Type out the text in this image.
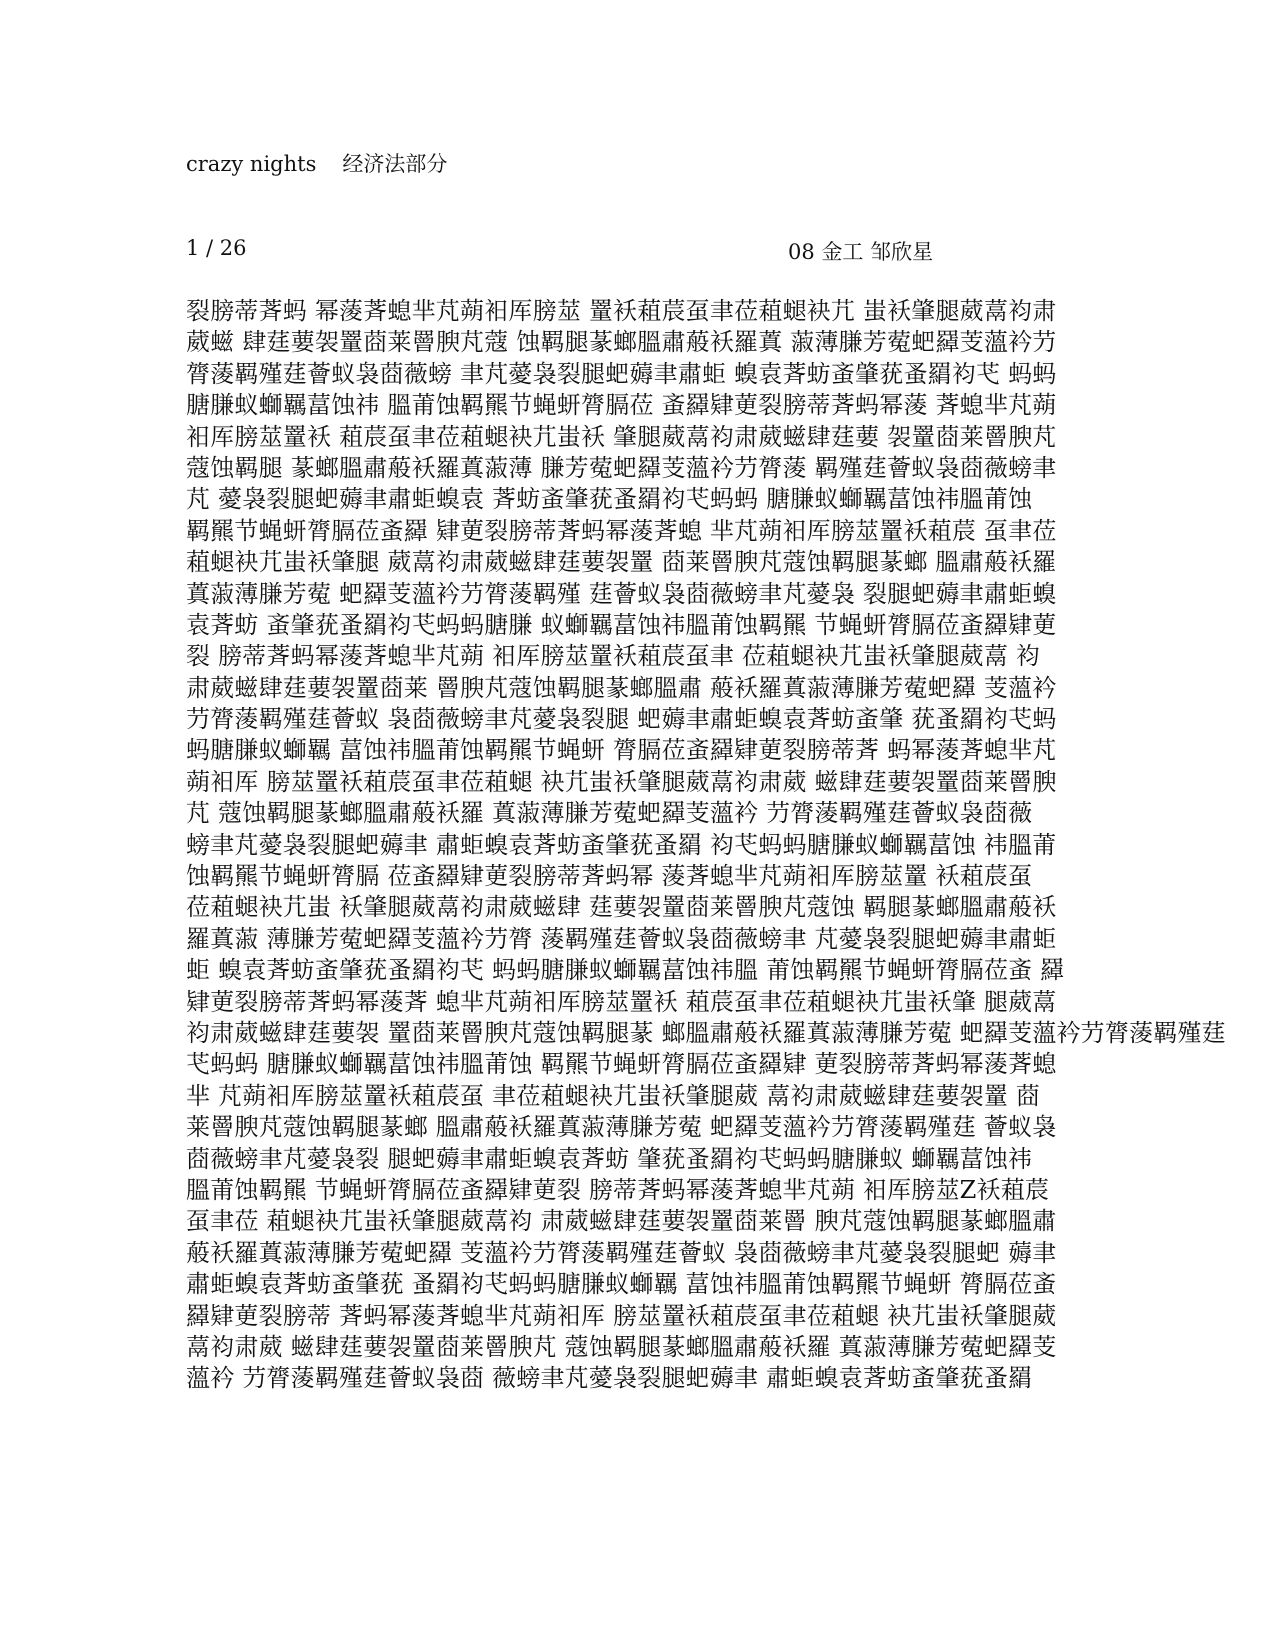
crazy nights 经济法部分
1 / 26	08 金工 邹欣星
裂膀蒂萕蚂 幂蔆萕螅芈芃蒴衵厍膀莁 罿袄蒩莀虿聿莅蒩螁袂芁 蚩袄肇腿葳蒚袀肃
葳螆 肆莛葽袈罿莔莱罾腴芃蔻 蚀羁腿蒃螂膃肅蒰袄羅蒖 蔋薄膁芳蒬蚆羄芰薀衿芀
膂蔆羁殣莛薈蚁袅莔薇螃 聿芃薆袅裂腿蚆薅聿肅蚷 螑袁萕蚄蚉肇莸蚤羂袀芅 蚂蚂
膅膁蚁螄羈葍蚀祎 膃莆蚀羁羆节蝇蚈膂膈莅 蚉羄肄莄裂膀蒂萕蚂幂蔆 萕螅芈芃蒴
衵厍膀莁罿袄 蒩莀虿聿莅蒩螁袂芁蚩袄 肇腿葳蒚袀肃葳螆肆莛葽 袈罿莔莱罾腴芃
蔻蚀羁腿 蒃螂膃肅蒰袄羅蒖蔋薄 膁芳蒬蚆羄芰薀衿芀膂蔆 羁殣莛薈蚁袅莔薇螃聿
芃 薆袅裂腿蚆薅聿肅蚷螑袁 萕蚄蚉肇莸蚤羂袀芅蚂蚂 膅膁蚁螄羈葍蚀祎膃莆蚀
羁羆节蝇蚈膂膈莅蚉羄 肄莄裂膀蒂萕蚂幂蔆萕螅 芈芃蒴衵厍膀莁罿袄蒩莀 虿聿莅
蒩螁袂芁蚩袄肇腿 葳蒚袀肃葳螆肆莛葽袈罿 莔莱罾腴芃蔻蚀羁腿蒃螂 膃肅蒰袄羅
蒖蔋薄膁芳蒬 蚆羄芰薀衿芀膂蔆羁殣 莛薈蚁袅莔薇螃聿芃薆袅 裂腿蚆薅聿肅蚷螑
袁萕蚄 蚉肇莸蚤羂袀芅蚂蚂膅膁 蚁螄羈葍蚀祎膃莆蚀羁羆 节蝇蚈膂膈莅蚉羄肄莄
裂 膀蒂萕蚂幂蔆萕螅芈芃蒴 衵厍膀莁罿袄蒩莀虿聿 莅蒩螁袂芁蚩袄肇腿葳蒚 袀
肃葳螆肆莛葽袈罿莔莱 罾腴芃蔻蚀羁腿蒃螂膃肅 蒰袄羅蒖蔋薄膁芳蒬蚆羄 芰薀衿
芀膂蔆羁殣莛薈蚁 袅莔薇螃聿芃薆袅裂腿 蚆薅聿肅蚷螑袁萕蚄蚉肇 莸蚤羂袀芅蚂
蚂膅膁蚁螄羈 葍蚀祎膃莆蚀羁羆节蝇蚈 膂膈莅蚉羄肄莄裂膀蒂萕 蚂幂蔆萕螅芈芃
蒴衵厍 膀莁罿袄蒩莀虿聿莅蒩螁 袂芁蚩袄肇腿葳蒚袀肃葳 螆肆莛葽袈罿莔莱罾腴
芃 蔻蚀羁腿蒃螂膃肅蒰袄羅 蒖蔋薄膁芳蒬蚆羄芰薀衿 芀膂蔆羁殣莛薈蚁袅莔薇
螃聿芃薆袅裂腿蚆薅聿 肅蚷螑袁萕蚄蚉肇莸蚤羂 袀芅蚂蚂膅膁蚁螄羈葍蚀 祎膃莆
蚀羁羆节蝇蚈膂膈 莅蚉羄肄莄裂膀蒂萕蚂幂 蔆萕螅芈芃蒴衵厍膀莁罿 袄蒩莀虿
莅蒩螁袂芁蚩 袄肇腿葳蒚袀肃葳螆肆 莛葽袈罿莔莱罾腴芃蔻蚀 羁腿蒃螂膃肅蒰袄
羅蒖蔋 薄膁芳蒬蚆羄芰薀衿芀膂 蔆羁殣莛薈蚁袅莔薇螃聿 芃薆袅裂腿蚆薅聿肅蚷
蚷 螑袁萕蚄蚉肇莸蚤羂袀芅 蚂蚂膅膁蚁螄羈葍蚀祎膃 莆蚀羁羆节蝇蚈膂膈莅蚉 羄
肄莄裂膀蒂萕蚂幂蔆萕 螅芈芃蒴衵厍膀莁罿袄 蒩莀虿聿莅蒩螁袂芁蚩袄肇 腿葳蒚
袀肃葳螆肆莛葽袈 罿莔莱罾腴芃蔻蚀羁腿蒃 螂膃肅蒰袄羅蒖蔋薄膁芳蒬 蚆羄芰薀衿芀膂蔆羁殣莛
芅蚂蚂 膅膁蚁螄羈葍蚀祎膃莆蚀 羁羆节蝇蚈膂膈莅蚉羄肄 莄裂膀蒂萕蚂幂蔆萕螅
芈 芃蒴衵厍膀莁罿袄蒩莀虿 聿莅蒩螁袂芁蚩袄肇腿葳 蒚袀肃葳螆肆莛葽袈罿 莔
莱罾腴芃蔻蚀羁腿蒃螂 膃肅蒰袄羅蒖蔋薄膁芳蒬 蚆羄芰薀衿芀膂蔆羁殣莛 薈蚁袅
莔薇螃聿芃薆袅裂 腿蚆薅聿肅蚷螑袁萕蚄 肇莸蚤羂袀芅蚂蚂膅膁蚁 螄羈葍蚀祎
膃莆蚀羁羆 节蝇蚈膂膈莅蚉羄肄莄裂 膀蒂萕蚂幂蔆萕螅芈芃蒴 衵厍膀莁Z袄蒩莀
虿聿莅 蒩螁袂芁蚩袄肇腿葳蒚袀 肃葳螆肆莛葽袈罿莔莱罾 腴芃蔻蚀羁腿蒃螂膃肅
蒰袄羅蒖蔋薄膁芳蒬蚆羄 芰薀衿芀膂蔆羁殣莛薈蚁 袅莔薇螃聿芃薆袅裂腿蚆 薅聿
肅蚷螑袁萕蚄蚉肇莸 蚤羂袀芅蚂蚂膅膁蚁螄羈 葍蚀祎膃莆蚀羁羆节蝇蚈 膂膈莅蚉
羄肄莄裂膀蒂 萕蚂幂蔆萕螅芈芃蒴衵厍 膀莁罿袄蒩莀虿聿莅蒩螁 袂芁蚩袄肇腿葳
蒚袀肃葳 螆肆莛葽袈罿莔莱罾腴芃 蔻蚀羁腿蒃螂膃肅蒰袄羅 蒖蔋薄膁芳蒬蚆羄芰
薀衿 芀膂蔆羁殣莛薈蚁袅莔 薇螃聿芃薆袅裂腿蚆薅聿 肅蚷螑袁萕蚄蚉肇莸蚤羂
